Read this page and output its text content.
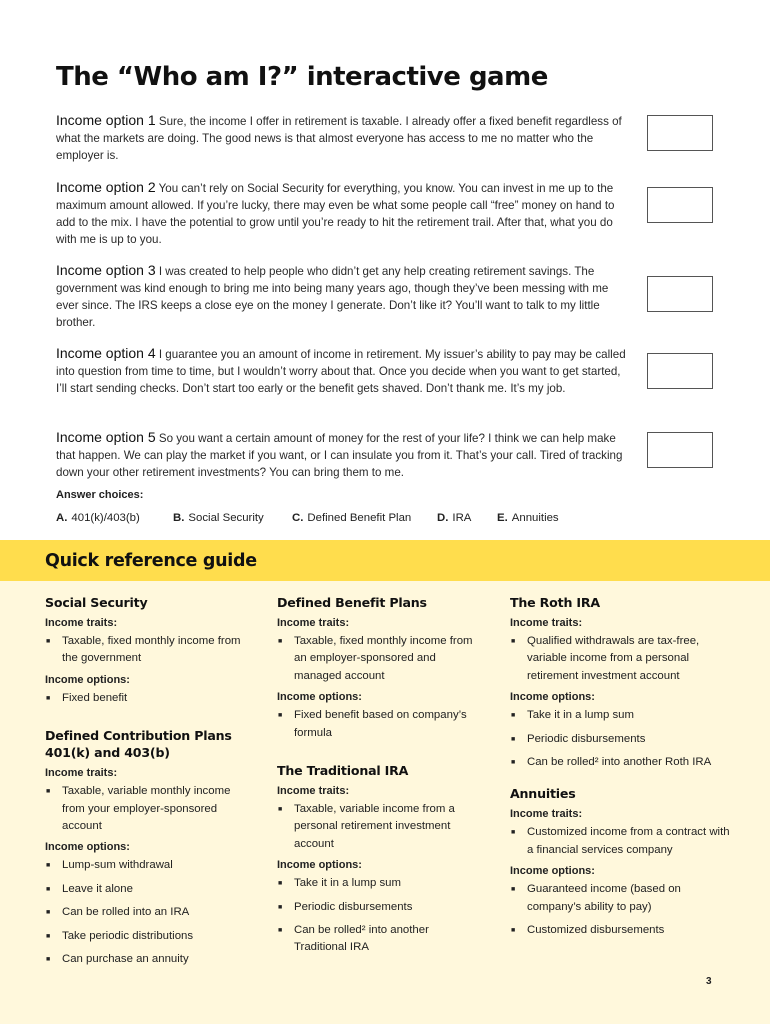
The “Who am I?” interactive game
Income option 1 Sure, the income I offer in retirement is taxable. I already offer a fixed benefit regardless of what the markets are doing. The good news is that almost everyone has access to me no matter who the employer is.
Income option 2 You can’t rely on Social Security for everything, you know. You can invest in me up to the maximum amount allowed. If you’re lucky, there may even be what some people call “free” money on hand to add to the mix. I have the potential to grow until you’re ready to hit the retirement trail. After that, what you do with me is up to you.
Income option 3 I was created to help people who didn’t get any help creating retirement savings. The government was kind enough to bring me into being many years ago, though they’ve been messing with me ever since. The IRS keeps a close eye on the money I generate. Don’t like it? You’ll want to talk to my little brother.
Income option 4 I guarantee you an amount of income in retirement. My issuer’s ability to pay may be called into question from time to time, but I wouldn’t worry about that. Once you decide when you want to get started, I’ll start sending checks. Don’t start too early or the benefit gets shaved. Don’t thank me. It’s my job.
Income option 5 So you want a certain amount of money for the rest of your life? I think we can help make that happen. We can play the market if you want, or I can insulate you from it. That’s your call. Tired of tracking down your other retirement investments? You can bring them to me.
Answer choices:
A. 401(k)/403(b)	B. Social Security C. Defined Benefit Plan D. IRA E. Annuities
Quick reference guide
Social Security
Income traits:
■ Taxable, fixed monthly income from the government
Income options:
■ Fixed benefit
Defined Contribution Plans 401(k) and 403(b)
Income traits:
■ Taxable, variable monthly income from your employer-sponsored account
Income options:
■ Lump-sum withdrawal
■ Leave it alone
■ Can be rolled into an IRA
■ Take periodic distributions
■ Can purchase an annuity
Defined Benefit Plans
Income traits:
■ Taxable, fixed monthly income from an employer-sponsored and managed account
Income options:
■ Fixed benefit based on company’s formula
The Traditional IRA
Income traits:
■ Taxable, variable income from a personal retirement investment account
Income options:
■ Take it in a lump sum
■ Periodic disbursements
■ Can be rolled² into another Traditional IRA
The Roth IRA
Income traits:
■ Qualified withdrawals are tax-free, variable income from a personal retirement investment account
Income options:
■ Take it in a lump sum
■ Periodic disbursements
■ Can be rolled² into another Roth IRA
Annuities
Income traits:
■ Customized income from a contract with a financial services company
Income options:
■ Guaranteed income (based on company’s ability to pay)
■ Customized disbursements
3
